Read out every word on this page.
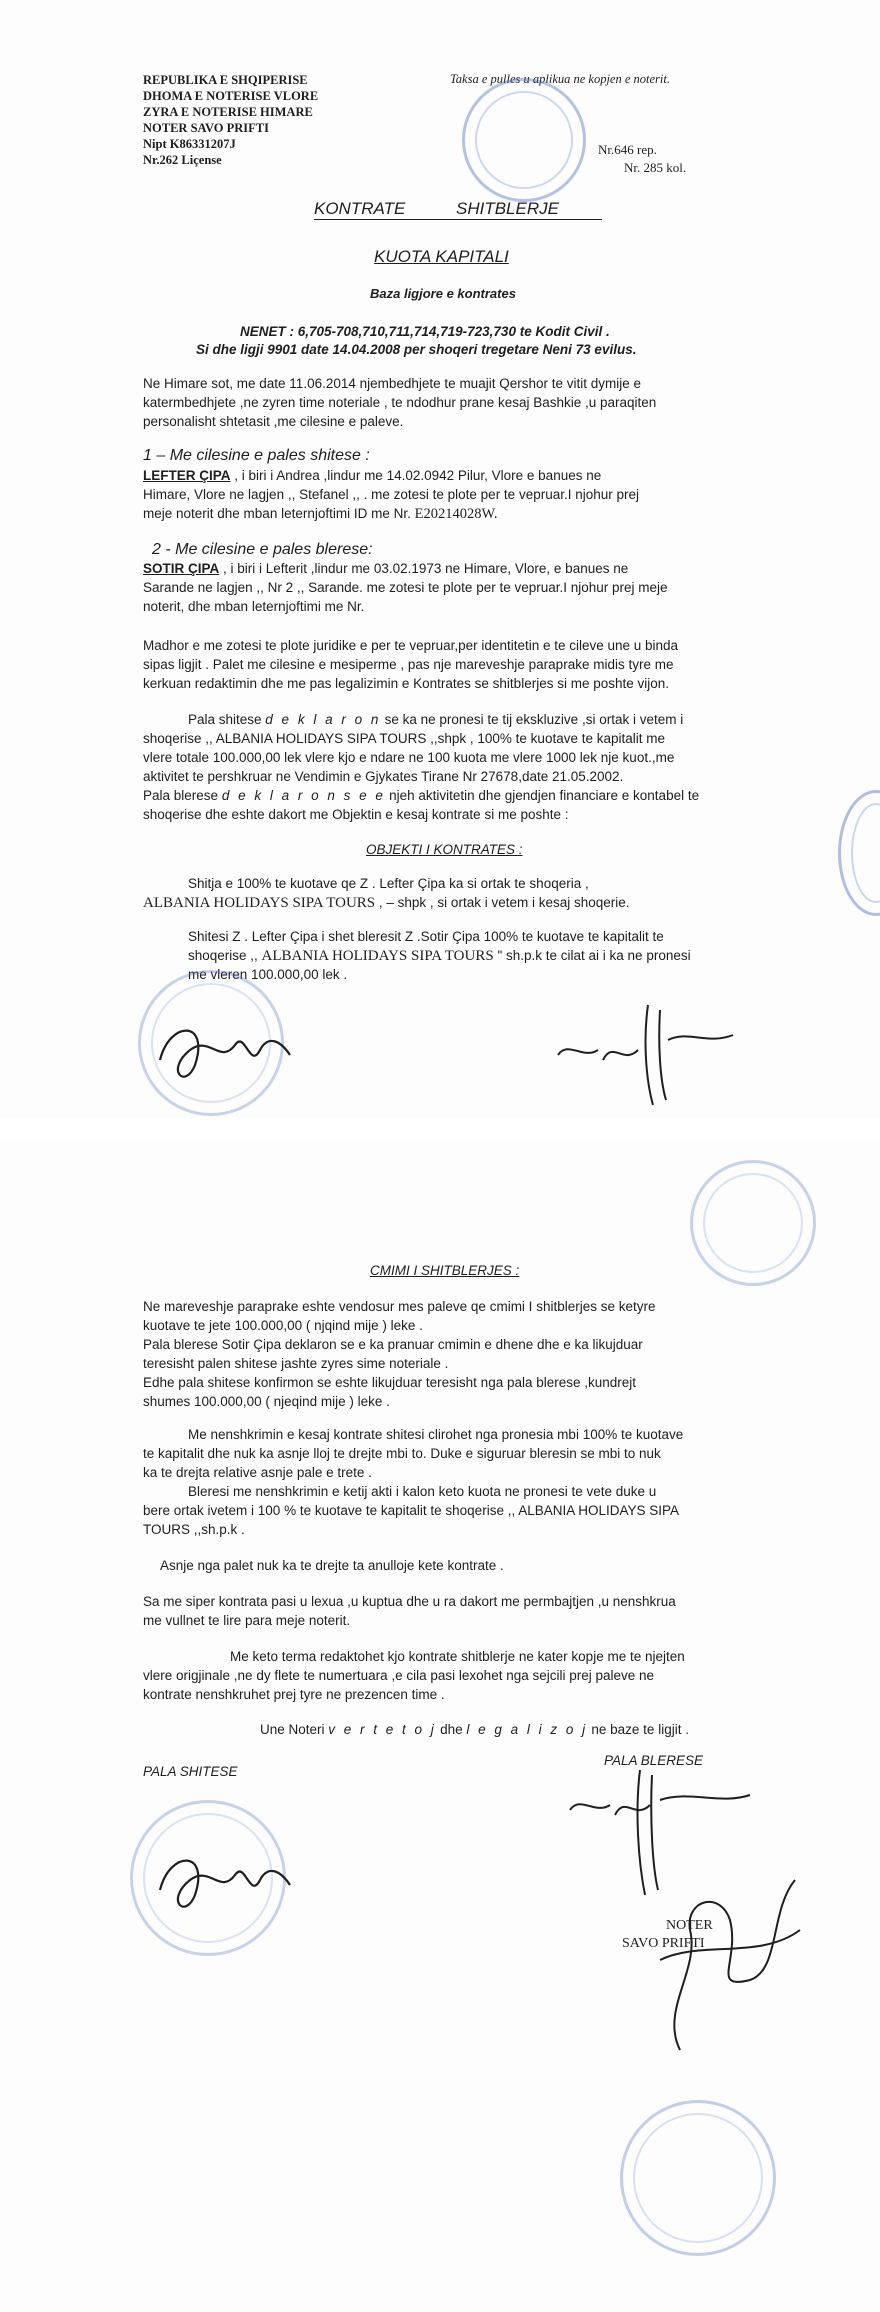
REPUBLIKA E SHQIPERISE
DHOMA E NOTERISE VLORE
ZYRA E NOTERISE HIMARE
NOTER SAVO PRIFTI
Nipt K86331207J
Nr.262 Liçense
Taksa e pulles u aplikua ne kopjen e noterit.
Nr.646 rep.
Nr. 285 kol.
KONTRATE	SHITBLERJE
KUOTA KAPITALI
Baza ligjore e kontrates
NENET : 6,705-708,710,711,714,719-723,730 te Kodit Civil .
Si dhe ligji 9901 date 14.04.2008 per shoqeri tregetare Neni 73 evilus.
Ne Himare sot, me date 11.06.2014 njembedhjete te muajit Qershor te vitit dymije e
katermbedhjete ,ne zyren time noteriale , te ndodhur prane kesaj Bashkie ,u paraqiten
personalisht shtetasit ,me cilesine e paleve.
1 – Me cilesine e pales shitese :
LEFTER ÇIPA , i biri i Andrea ,lindur me 14.02.0942 Pilur, Vlore e banues ne
Himare, Vlore ne lagjen ,, Stefanel ,, . me zotesi te plote per te vepruar.I njohur prej
meje noterit dhe mban leternjoftimi ID me Nr. E20214028W.
2 - Me cilesine e pales blerese:
SOTIR ÇIPA , i biri i Lefterit ,lindur me 03.02.1973 ne Himare, Vlore, e banues ne
Sarande ne lagjen ,, Nr 2 ,, Sarande. me zotesi te plote per te vepruar.I njohur prej meje
noterit, dhe mban leternjoftimi me Nr.
Madhor e me zotesi te plote juridike e per te vepruar,per identitetin e te cileve une u binda
sipas ligjit . Palet me cilesine e mesiperme , pas nje mareveshje paraprake midis tyre me
kerkuan redaktimin dhe me pas legalizimin e Kontrates se shitblerjes si me poshte vijon.
Pala shitese d e k l a r o n se ka ne pronesi te tij ekskluzive ,si ortak i vetem i
shoqerise ,, ALBANIA HOLIDAYS SIPA TOURS ,,shpk , 100% te kuotave te kapitalit me
vlere totale 100.000,00 lek vlere kjo e ndare ne 100 kuota me vlere 1000 lek nje kuot.,me
aktivitet te pershkruar ne Vendimin e Gjykates Tirane Nr 27678,date 21.05.2002.
Pala blerese d e k l a r o n s e e njeh aktivitetin dhe gjendjen financiare e kontabel te
shoqerise dhe eshte dakort me Objektin e kesaj kontrate si me poshte :
OBJEKTI I KONTRATES :
Shitja e 100% te kuotave qe Z . Lefter Çipa ka si ortak te shoqeria ,
ALBANIA HOLIDAYS SIPA TOURS , – shpk , si ortak i vetem i kesaj shoqerie.
Shitesi Z . Lefter Çipa i shet bleresit Z .Sotir Çipa 100% te kuotave te kapitalit te
shoqerise ,, ALBANIA HOLIDAYS SIPA TOURS " sh.p.k te cilat ai i ka ne pronesi
me vleren 100.000,00 lek .
CMIMI I SHITBLERJES :
Ne mareveshje paraprake eshte vendosur mes paleve qe cmimi I shitblerjes se ketyre
kuotave te jete 100.000,00 ( njqind mije ) leke .
Pala blerese Sotir Çipa deklaron se e ka pranuar cmimin e dhene dhe e ka likujduar
teresisht palen shitese jashte zyres sime noteriale .
Edhe pala shitese konfirmon se eshte likujduar teresisht nga pala blerese ,kundrejt
shumes 100.000,00 ( njeqind mije ) leke .
Me nenshkrimin e kesaj kontrate shitesi clirohet nga pronesia mbi 100% te kuotave
te kapitalit dhe nuk ka asnje lloj te drejte mbi to. Duke e siguruar bleresin se mbi to nuk
ka te drejta relative asnje pale e trete .
Bleresi me nenshkrimin e ketij akti i kalon keto kuota ne pronesi te vete duke u
bere ortak ivetem i 100 % te kuotave te kapitalit te shoqerise ,, ALBANIA HOLIDAYS SIPA
TOURS ,,sh.p.k .
Asnje nga palet nuk ka te drejte ta anulloje kete kontrate .
Sa me siper kontrata pasi u lexua ,u kuptua dhe u ra dakort me permbajtjen ,u nenshkrua
me vullnet te lire para meje noterit.
Me keto terma redaktohet kjo kontrate shitblerje ne kater kopje me te njejten
vlere origjinale ,ne dy flete te numertuara ,e cila pasi lexohet nga sejcili prej paleve ne
kontrate nenshkruhet prej tyre ne prezencen time .
Une Noteri v e r t e t o j dhe l e g a l i z o j ne baze te ligjit .
PALA SHITESE
PALA BLERESE
NOTER
SAVO PRIFTI
